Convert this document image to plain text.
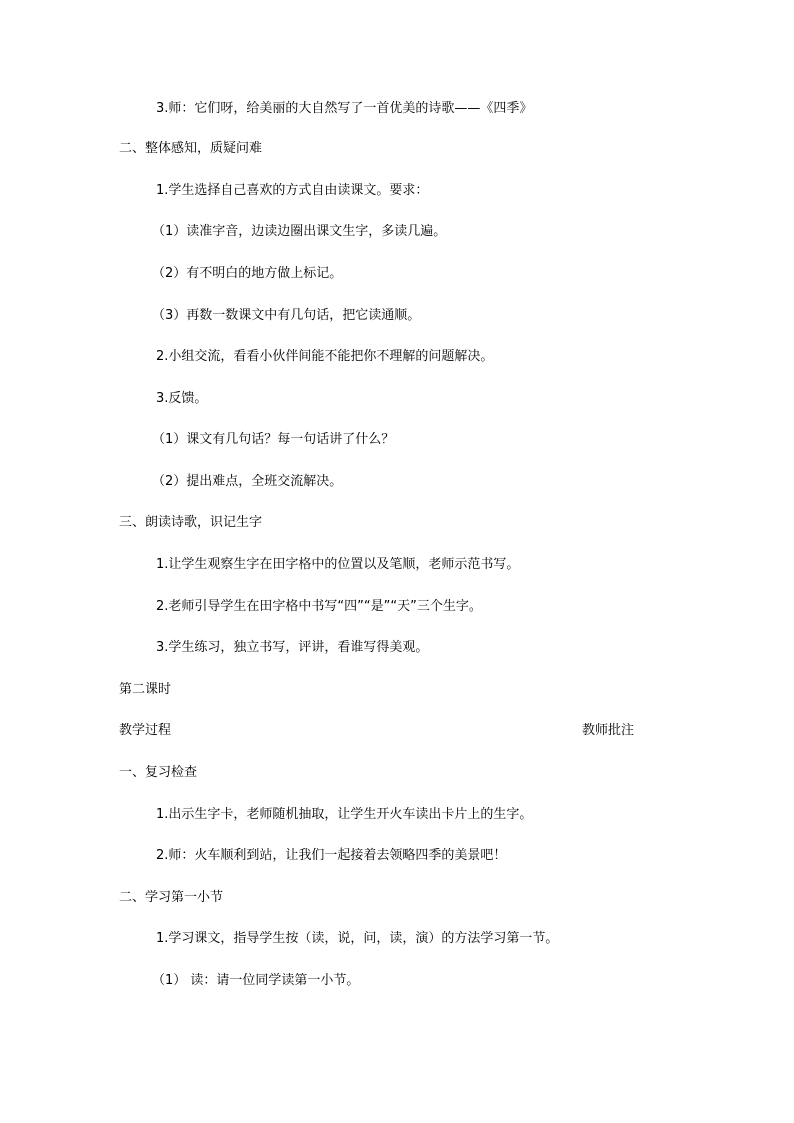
3.师：它们呀，给美丽的大自然写了一首优美的诗歌——《四季》
二、整体感知，质疑问难
1.学生选择自己喜欢的方式自由读课文。要求：
（1）读准字音，边读边圈出课文生字，多读几遍。
（2）有不明白的地方做上标记。
（3）再数一数课文中有几句话，把它读通顺。
2.小组交流，看看小伙伴间能不能把你不理解的问题解决。
3.反馈。
（1）课文有几句话？每一句话讲了什么？
（2）提出难点，全班交流解决。
三、朗读诗歌，识记生字
1.让学生观察生字在田字格中的位置以及笔顺，老师示范书写。
2.老师引导学生在田字格中书写“四”“是”“天”三个生字。
3.学生练习，独立书写，评讲，看谁写得美观。
第二课时
教学过程	教师批注
一、复习检查
1.出示生字卡，老师随机抽取，让学生开火车读出卡片上的生字。
2.师：火车顺利到站，让我们一起接着去领略四季的美景吧！
二、学习第一小节
1.学习课文，指导学生按（读，说，问，读，演）的方法学习第一节。
（1） 读：请一位同学读第一小节。
